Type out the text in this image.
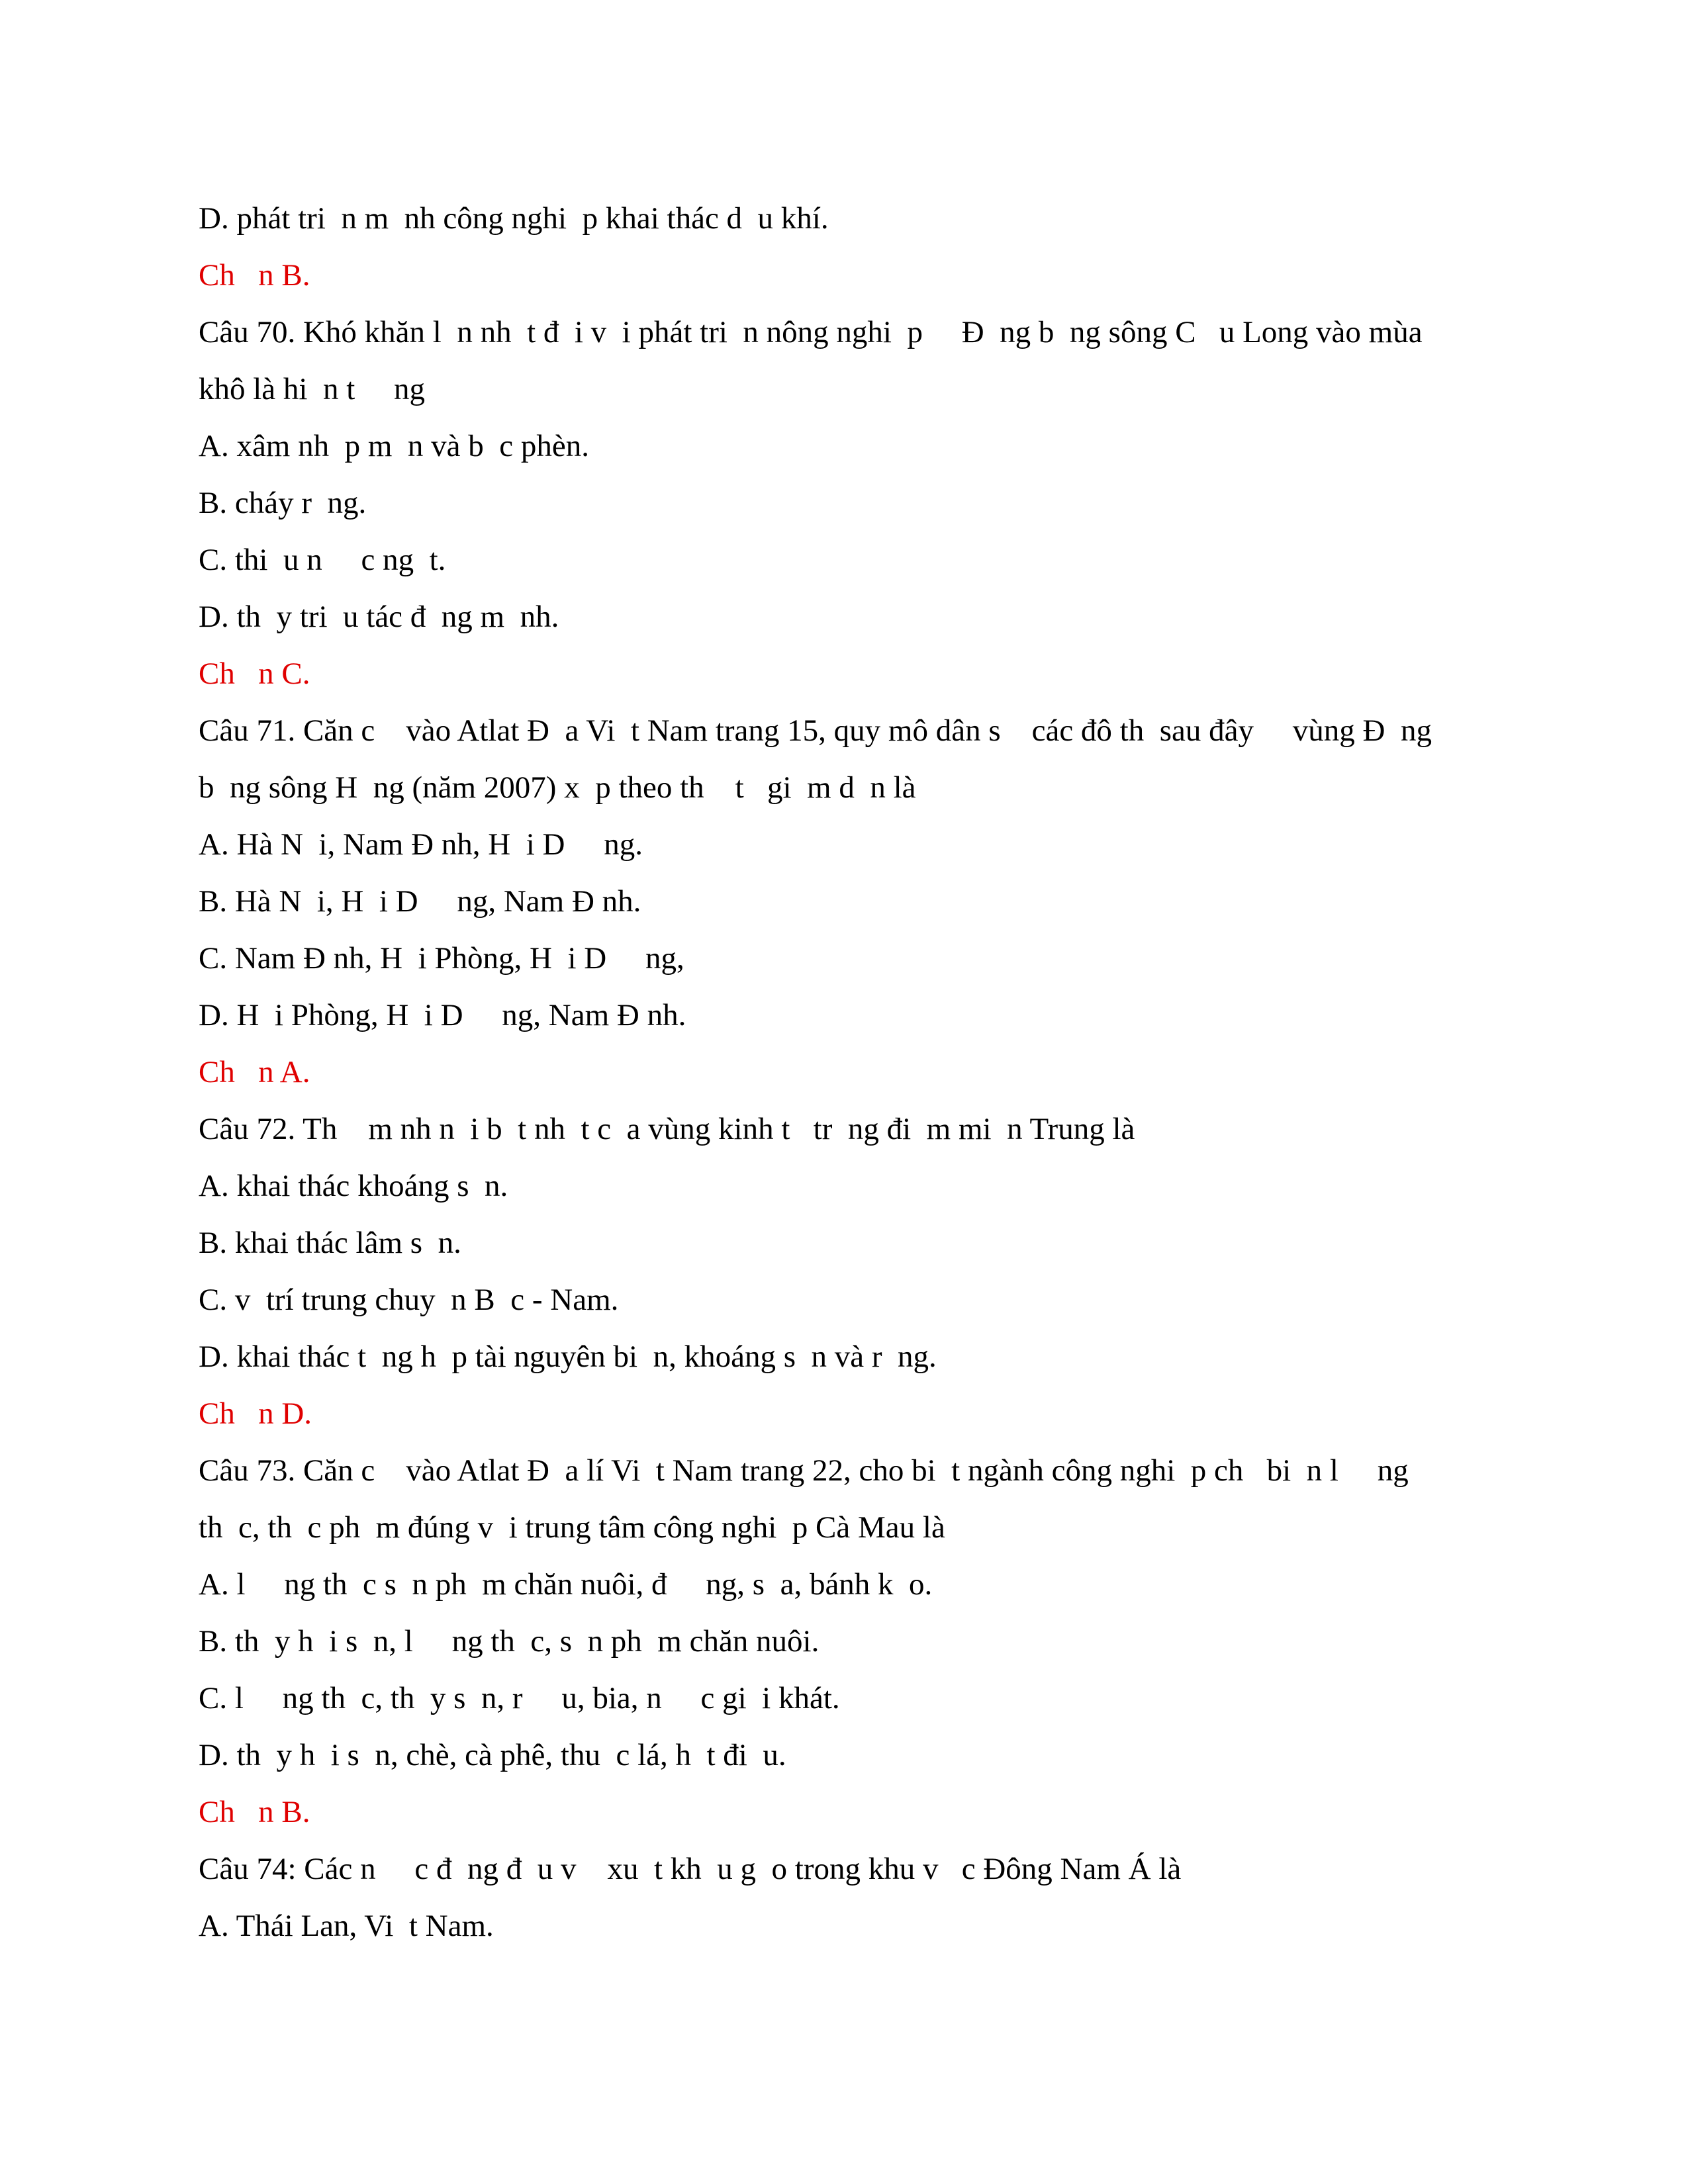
D. phát tri  n m  nh công nghi  p khai thác d  u khí.
Ch   n B.
Câu 70. Khó khăn l  n nh  t đ  i v  i phát tri  n nông nghi  p     Đ  ng b  ng sông C   u Long vào mùa
khô là hi  n t     ng
A. xâm nh  p m  n và b  c phèn.
B. cháy r  ng.
C. thi  u n     c ng  t.
D. th  y tri  u tác đ  ng m  nh.
Ch   n C.
Câu 71. Căn c    vào Atlat Đ  a Vi  t Nam trang 15, quy mô dân s    các đô th  sau đây     vùng Đ  ng
b  ng sông H  ng (năm 2007) x  p theo th    t   gi  m d  n là
A. Hà N  i, Nam Đ nh, H  i D     ng.
B. Hà N  i, H  i D     ng, Nam Đ nh.
C. Nam Đ nh, H  i Phòng, H  i D     ng,
D. H  i Phòng, H  i D     ng, Nam Đ nh.
Ch   n A.
Câu 72. Th    m nh n  i b  t nh  t c  a vùng kinh t   tr  ng đi  m mi  n Trung là
A. khai thác khoáng s  n.
B. khai thác lâm s  n.
C. v  trí trung chuy  n B  c - Nam.
D. khai thác t  ng h  p tài nguyên bi  n, khoáng s  n và r  ng.
Ch   n D.
Câu 73. Căn c    vào Atlat Đ  a lí Vi  t Nam trang 22, cho bi  t ngành công nghi  p ch   bi  n l     ng
th  c, th  c ph  m đúng v  i trung tâm công nghi  p Cà Mau là
A. l     ng th  c s  n ph  m chăn nuôi, đ     ng, s  a, bánh k  o.
B. th  y h  i s  n, l     ng th  c, s  n ph  m chăn nuôi.
C. l     ng th  c, th  y s  n, r     u, bia, n     c gi  i khát.
D. th  y h  i s  n, chè, cà phê, thu  c lá, h  t đi  u.
Ch   n B.
Câu 74: Các n     c đ  ng đ  u v    xu  t kh  u g  o trong khu v   c Đông Nam Á là
A. Thái Lan, Vi  t Nam.
